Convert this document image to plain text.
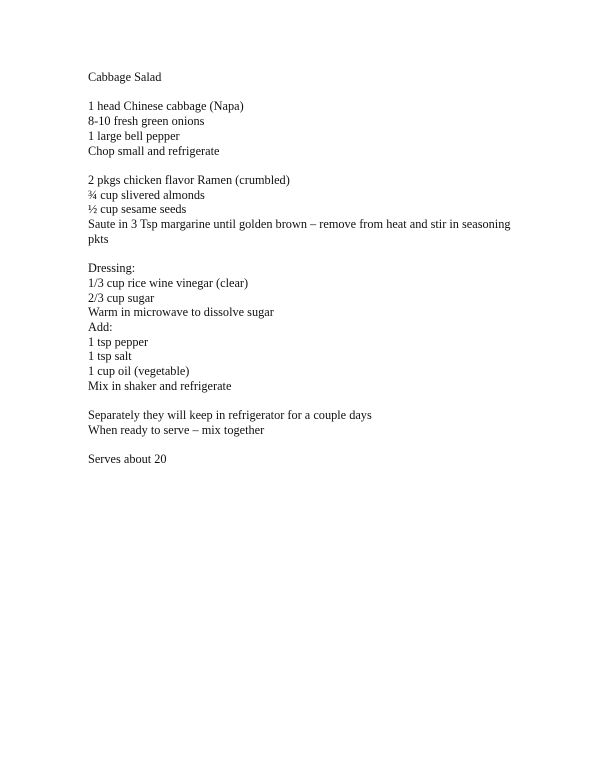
Cabbage Salad
1 head Chinese cabbage (Napa)
8-10 fresh green onions
1 large bell pepper
Chop small and refrigerate
2 pkgs chicken flavor Ramen (crumbled)
¾ cup slivered almonds
½ cup sesame seeds
Saute in 3 Tsp margarine until golden brown – remove from heat and stir in seasoning pkts
Dressing:
1/3 cup rice wine vinegar (clear)
2/3 cup sugar
Warm in microwave to dissolve sugar
Add:
1 tsp pepper
1 tsp salt
1 cup oil (vegetable)
Mix in shaker and refrigerate
Separately they will keep in refrigerator for a couple days
When ready to serve – mix together
Serves about 20
